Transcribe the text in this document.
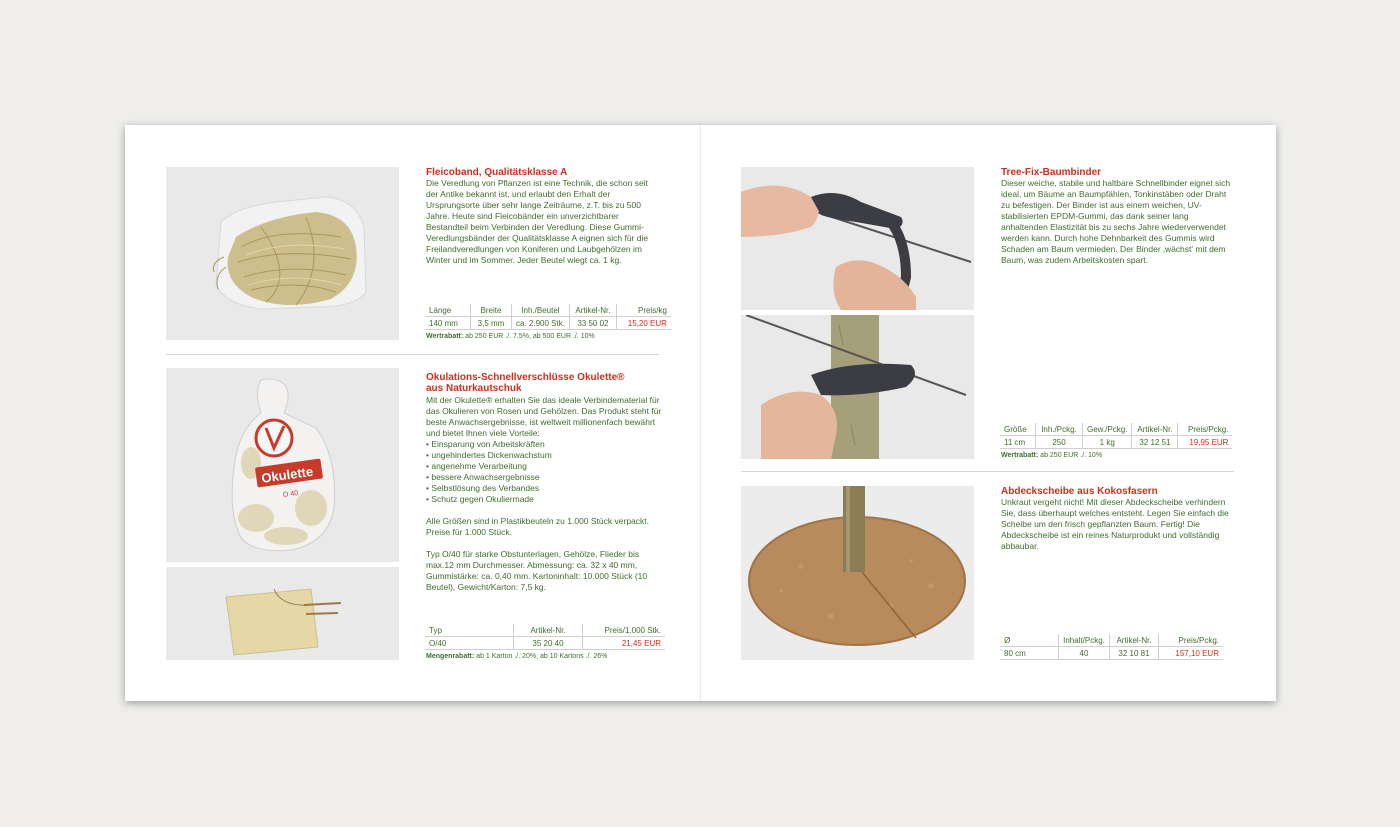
Fleicoband, Qualitätsklasse A
Die Veredlung von Pflanzen ist eine Technik, die schon seit der Antike bekannt ist, und erlaubt den Erhalt der Ursprungsorte über sehr lange Zeiträume, z.T. bis zu 500 Jahre. Heute sind Fleicobänder ein unverzichtbarer Bestandteil beim Verbinden der Veredlung. Diese Gummi-Veredlungsbänder der Qualitätsklasse A eignen sich für die Freilandveredlungen von Koniferen und Laubgehölzen im Winter und im Sommer. Jeder Beutel wiegt ca. 1 kg.
Länge	Breite	Inh./Beutel	Artikel-Nr.	Preis/kg
140 mm	3,5 mm	ca. 2.900 Stk.	33 50 02	15,20 EUR
Wertrabatt: ab 250 EUR ./. 7,5%, ab 500 EUR ./. 10%
Okulette
O 40
Okulations-Schnellverschlüsse Okulette®
aus Naturkautschuk

Mit der Okulette® erhalten Sie das ideale Verbindematerial für das Okulieren von Rosen und Gehölzen. Das Produkt steht für beste Anwachsergebnisse, ist weltweit millionenfach bewährt und bietet Ihnen viele Vorteile:

• Einsparung von Arbeitskräften
• ungehindertes Dickenwachstum
• angenehme Verarbeitung
• bessere Anwachsergebnisse
• Selbstlösung des Verbandes
• Schutz gegen Okuliermade

Alle Größen sind in Plastikbeuteln zu 1.000 Stück verpackt. Preise für 1.000 Stück.

Typ O/40 für starke Obstunterlagen, Gehölze, Flieder bis max.12 mm Durchmesser. Abmessung: ca. 32 x 40 mm, Gummistärke: ca. 0,40 mm. Kartoninhalt: 10.000 Stück (10 Beutel), Gewicht/Karton: 7,5 kg.

Typ	Artikel-Nr.	Preis/1.000 Stk.
O/40	35 20 40	21,45 EUR
Mengenrabatt: ab 1 Karton ./. 20%, ab 10 Kartons ./. 26%
Tree-Fix-Baumbinder
Dieser weiche, stabile und haltbare Schnellbinder eignet sich ideal, um Bäume an Baumpfählen, Tonkinstäben oder Draht zu befestigen. Der Binder ist aus einem weichen, UV-stabilisierten EPDM-Gummi, das dank seiner lang anhaltenden Elastizität bis zu sechs Jahre wiederverwendet werden kann. Durch hohe Dehnbarkeit des Gummis wird Schaden am Baum vermieden. Der Binder ‚wächst' mit dem Baum, was zudem Arbeitskosten spart.
Größe	Inh./Pckg.	Gew./Pckg.	Artikel-Nr.	Preis/Pckg.
11 cm	250	1 kg	32 12 51	19,95 EUR
Wertrabatt: ab 250 EUR ./. 10%
Abdeckscheibe aus Kokosfasern
Unkraut vergeht nicht! Mit dieser Abdeckscheibe verhindern Sie, dass überhaupt welches entsteht. Legen Sie einfach die Scheibe um den frisch gepflanzten Baum. Fertig! Die Abdeckscheibe ist ein reines Naturprodukt und vollständig abbaubar.
Ø	Inhalt/Pckg.	Artikel-Nr.	Preis/Pckg.
80 cm	40	32 10 81	157,10 EUR
